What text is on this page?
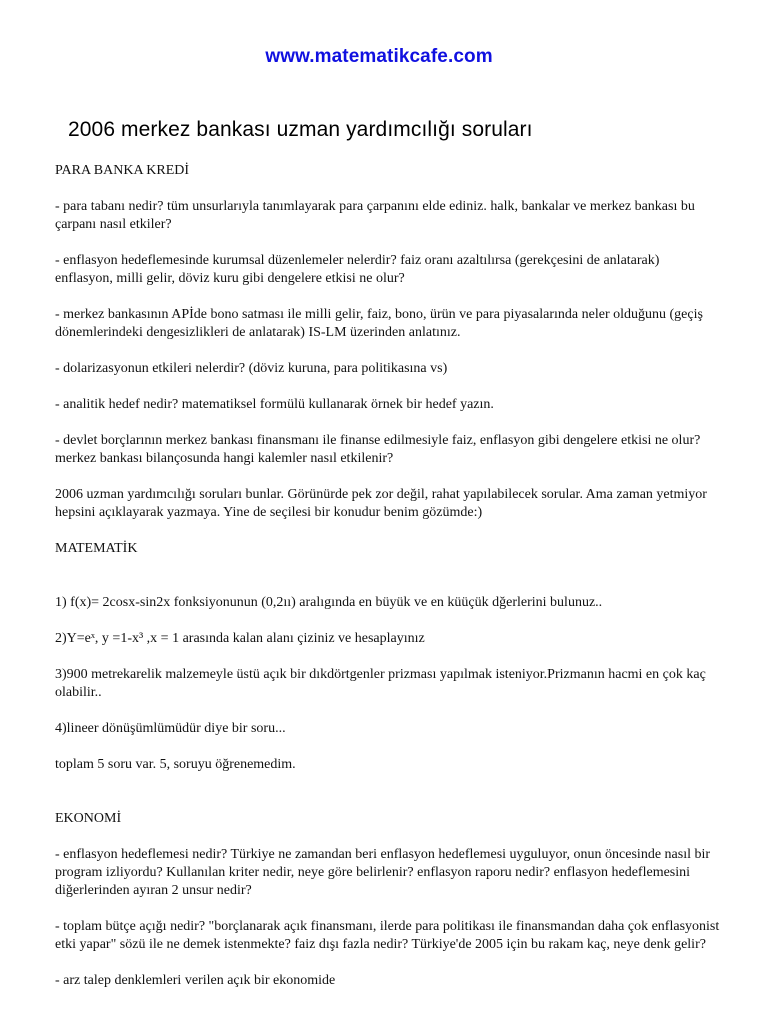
www.matematikcafe.com
2006 merkez bankası uzman yardımcılığı soruları

PARA BANKA KREDİ

- para tabanı nedir? tüm unsurlarıyla tanımlayarak para çarpanını elde ediniz. halk, bankalar ve merkez bankası bu çarpanı nasıl etkiler?

- enflasyon hedeflemesinde kurumsal düzenlemeler nelerdir? faiz oranı azaltılırsa (gerekçesini de anlatarak) enflasyon, milli gelir, döviz kuru gibi dengelere etkisi ne olur?

- merkez bankasının APİde bono satması ile milli gelir, faiz, bono, ürün ve para piyasalarında neler olduğunu (geçiş dönemlerindeki dengesizlikleri de anlatarak) IS-LM üzerinden anlatınız.

- dolarizasyonun etkileri nelerdir? (döviz kuruna, para politikasına vs)

- analitik hedef nedir? matematiksel formülü kullanarak örnek bir hedef yazın.

- devlet borçlarının merkez bankası finansmanı ile finanse edilmesiyle faiz, enflasyon gibi dengelere etkisi ne olur? merkez bankası bilançosunda hangi kalemler nasıl etkilenir?

2006 uzman yardımcılığı soruları bunlar. Görünürde pek zor değil, rahat yapılabilecek sorular. Ama zaman yetmiyor hepsini açıklayarak yazmaya. Yine de seçilesi bir konudur benim gözümde:)

MATEMATİK

1) f(x)= 2cosx-sin2x fonksiyonunun (0,2ıı) aralıgında en büyük ve en küüçük dğerlerini bulunuz..

2)Y=eˣ, y =1-x³ ,x = 1 arasında kalan alanı çiziniz ve hesaplayınız

3)900 metrekarelik malzemeyle üstü açık bir dıkdörtgenler prizması yapılmak isteniyor.Prizmanın hacmi en çok kaç olabilir..

4)lineer dönüşümlümüdür diye bir soru...

toplam 5 soru var. 5, soruyu öğrenemedim.

EKONOMİ

- enflasyon hedeflemesi nedir? Türkiye ne zamandan beri enflasyon hedeflemesi uyguluyor, onun öncesinde nasıl bir program izliyordu? Kullanılan kriter nedir, neye göre belirlenir? enflasyon raporu nedir? enflasyon hedeflemesini diğerlerinden ayıran 2 unsur nedir?

- toplam bütçe açığı nedir? "borçlanarak açık finansmanı, ilerde para politikası ile finansmandan daha çok enflasyonist etki yapar" sözü ile ne demek istenmekte? faiz dışı fazla nedir? Türkiye'de 2005 için bu rakam kaç, neye denk gelir?

- arz talep denklemleri verilen açık bir ekonomide
